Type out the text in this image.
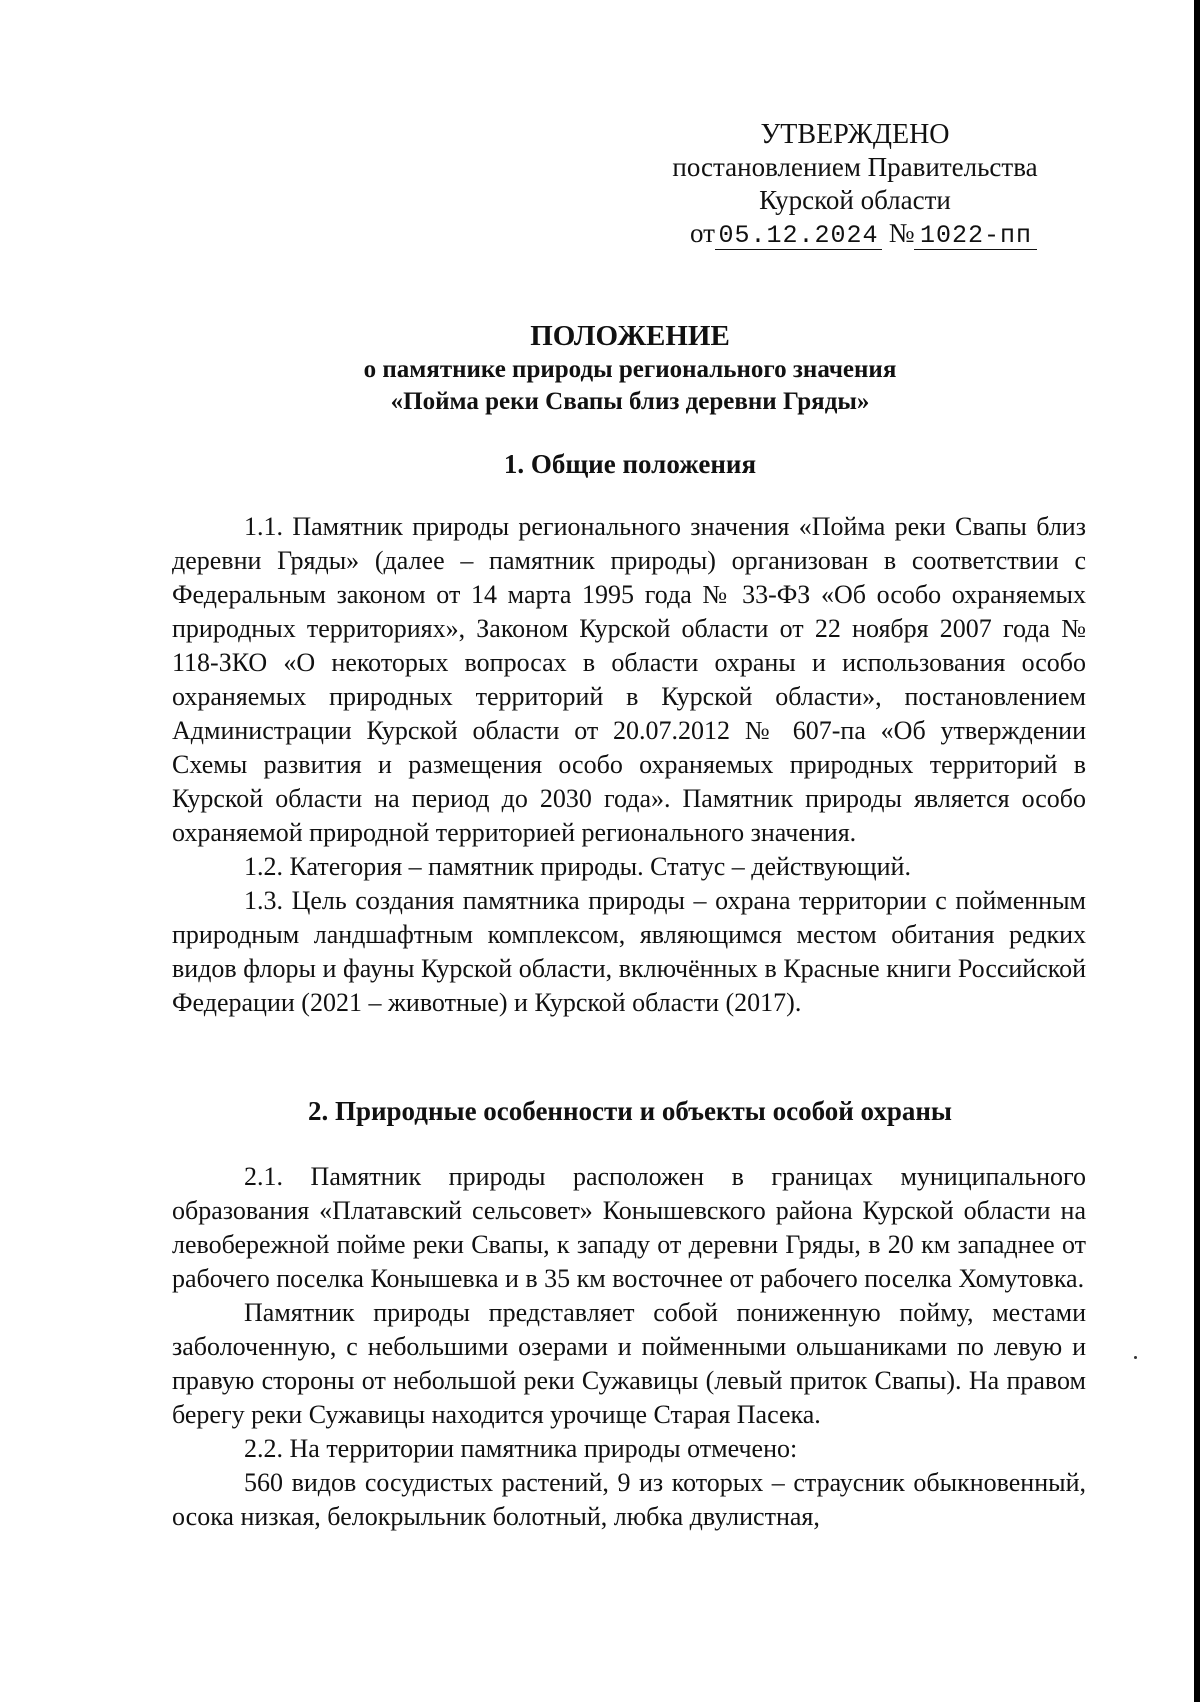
УТВЕРЖДЕНО
постановлением Правительства
Курской области
от 05.12.2024 № 1022-пп
ПОЛОЖЕНИЕ
о памятнике природы регионального значения
«Пойма реки Свапы близ деревни Гряды»
1. Общие положения

1.1. Памятник природы регионального значения «Пойма реки Свапы близ деревни Гряды» (далее – памятник природы) организован в соответствии с Федеральным законом от 14 марта 1995 года № 33-ФЗ «Об особо охраняемых природных территориях», Законом Курской области от 22 ноября 2007 года № 118-ЗКО «О некоторых вопросах в области охраны и использования особо охраняемых природных территорий в Курской области», постановлением Администрации Курской области от 20.07.2012 № 607-па «Об утверждении Схемы развития и размещения особо охраняемых природных территорий в Курской области на период до 2030 года». Памятник природы является особо охраняемой природной территорией регионального значения.

1.2. Категория – памятник природы. Статус – действующий.

1.3. Цель создания памятника природы – охрана территории с пойменным природным ландшафтным комплексом, являющимся местом обитания редких видов флоры и фауны Курской области, включённых в Красные книги Российской Федерации (2021 – животные) и Курской области (2017).

2. Природные особенности и объекты особой охраны

2.1. Памятник природы расположен в границах муниципального образования «Платавский сельсовет» Конышевского района Курской области на левобережной пойме реки Свапы, к западу от деревни Гряды, в 20 км западнее от рабочего поселка Конышевка и в 35 км восточнее от рабочего поселка Хомутовка.

Памятник природы представляет собой пониженную пойму, местами заболоченную, с небольшими озерами и пойменными ольшаниками по левую и правую стороны от небольшой реки Сужавицы (левый приток Свапы). На правом берегу реки Сужавицы находится урочище Старая Пасека.

2.2. На территории памятника природы отмечено:

560 видов сосудистых растений, 9 из которых – страусник обыкновенный, осока низкая, белокрыльник болотный, любка двулистная,
